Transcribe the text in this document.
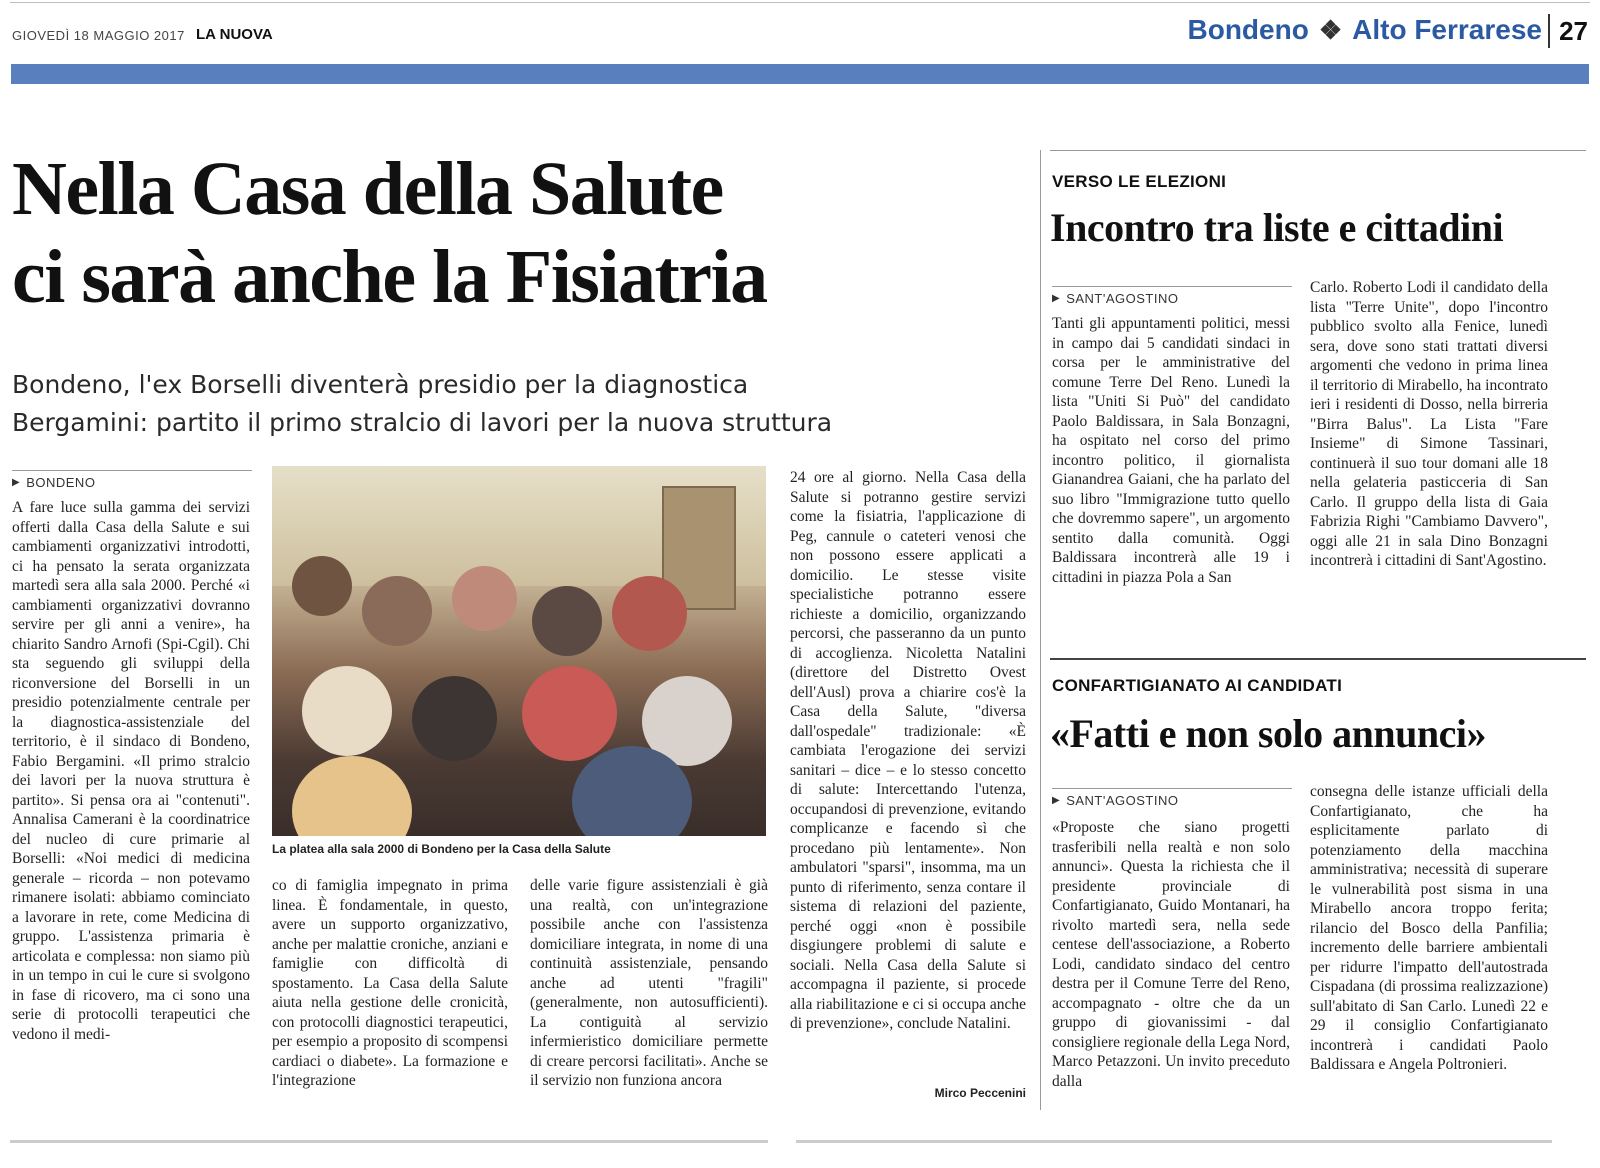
GIOVEDÌ 18 MAGGIO 2017 LA NUOVA	Bondeno ❖ Alto Ferrarese 27
Nella Casa della Salute
ci sarà anche la Fisiatria
Bondeno, l'ex Borselli diventerà presidio per la diagnostica
Bergamini: partito il primo stralcio di lavori per la nuova struttura
▶ BONDENO

A fare luce sulla gamma dei servizi offerti dalla Casa della Salute e sui cambiamenti organizzativi introdotti, ci ha pensato la serata organizzata martedì sera alla sala 2000. Perché «i cambiamenti organizzativi dovranno servire per gli anni a venire», ha chiarito Sandro Arnofi (Spi-Cgil). Chi sta seguendo gli sviluppi della riconversione del Borselli in un presidio potenzialmente centrale per la diagnostica-assistenziale del territorio, è il sindaco di Bondeno, Fabio Bergamini. «Il primo stralcio dei lavori per la nuova struttura è partito». Si pensa ora ai "contenuti". Annalisa Camerani è la coordinatrice del nucleo di cure primarie al Borselli: «Noi medici di medicina generale – ricorda – non potevamo rimanere isolati: abbiamo cominciato a lavorare in rete, come Medicina di gruppo. L'assistenza primaria è articolata e complessa: non siamo più in un tempo in cui le cure si svolgono in fase di ricovero, ma ci sono una serie di protocolli terapeutici che vedono il medi-

La platea alla sala 2000 di Bondeno per la Casa della Salute

co di famiglia impegnato in prima linea. È fondamentale, in questo, avere un supporto organizzativo, anche per malattie croniche, anziani e famiglie con difficoltà di spostamento. La Casa della Salute aiuta nella gestione delle cronicità, con protocolli diagnostici terapeutici, per esempio a proposito di scompensi cardiaci o diabete». La formazione e l'integrazione

delle varie figure assistenziali è già una realtà, con un'integrazione possibile anche con l'assistenza domiciliare integrata, in nome di una continuità assistenziale, pensando anche ad utenti "fragili" (generalmente, non autosufficienti). La contiguità al servizio infermieristico domiciliare permette di creare percorsi facilitati». Anche se il servizio non funziona ancora

24 ore al giorno. Nella Casa della Salute si potranno gestire servizi come la fisiatria, l'applicazione di Peg, cannule o cateteri venosi che non possono essere applicati a domicilio. Le stesse visite specialistiche potranno essere richieste a domicilio, organizzando percorsi, che passeranno da un punto di accoglienza. Nicoletta Natalini (direttore del Distretto Ovest dell'Ausl) prova a chiarire cos'è la Casa della Salute, "diversa dall'ospedale" tradizionale: «È cambiata l'erogazione dei servizi sanitari – dice – e lo stesso concetto di salute: Intercettando l'utenza, occupandosi di prevenzione, evitando complicanze e facendo sì che procedano più lentamente». Non ambulatori "sparsi", insomma, ma un punto di riferimento, senza contare il sistema di relazioni del paziente, perché oggi «non è possibile disgiungere problemi di salute e sociali. Nella Casa della Salute si accompagna il paziente, si procede alla riabilitazione e ci si occupa anche di prevenzione», conclude Natalini.

Mirco Peccenini
VERSO LE ELEZIONI
Incontro tra liste e cittadini
▶ SANT'AGOSTINO

Tanti gli appuntamenti politici, messi in campo dai 5 candidati sindaci in corsa per le amministrative del comune Terre Del Reno. Lunedì la lista "Uniti Si Può" del candidato Paolo Baldissara, in Sala Bonzagni, ha ospitato nel corso del primo incontro politico, il giornalista Gianandrea Gaiani, che ha parlato del suo libro "Immigrazione tutto quello che dovremmo sapere", un argomento sentito dalla comunità. Oggi Baldissara incontrerà alle 19 i cittadini in piazza Pola a San

Carlo. Roberto Lodi il candidato della lista "Terre Unite", dopo l'incontro pubblico svolto alla Fenice, lunedì sera, dove sono stati trattati diversi argomenti che vedono in prima linea il territorio di Mirabello, ha incontrato ieri i residenti di Dosso, nella birreria "Birra Balus". La Lista "Fare Insieme" di Simone Tassinari, continuerà il suo tour domani alle 18 nella gelateria pasticceria di San Carlo. Il gruppo della lista di Gaia Fabrizia Righi "Cambiamo Davvero", oggi alle 21 in sala Dino Bonzagni incontrerà i cittadini di Sant'Agostino.

CONFARTIGIANATO AI CANDIDATI
«Fatti e non solo annunci»
▶ SANT'AGOSTINO

«Proposte che siano progetti trasferibili nella realtà e non solo annunci». Questa la richiesta che il presidente provinciale di Confartigianato, Guido Montanari, ha rivolto martedì sera, nella sede centese dell'associazione, a Roberto Lodi, candidato sindaco del centro destra per il Comune Terre del Reno, accompagnato - oltre che da un gruppo di giovanissimi - dal consigliere regionale della Lega Nord, Marco Petazzoni. Un invito preceduto dalla

consegna delle istanze ufficiali della Confartigianato, che ha esplicitamente parlato di potenziamento della macchina amministrativa; necessità di superare le vulnerabilità post sisma in una Mirabello ancora troppo ferita; rilancio del Bosco della Panfilia; incremento delle barriere ambientali per ridurre l'impatto dell'autostrada Cispadana (di prossima realizzazione) sull'abitato di San Carlo. Lunedì 22 e 29 il consiglio Confartigianato incontrerà i candidati Paolo Baldissara e Angela Poltronieri.
